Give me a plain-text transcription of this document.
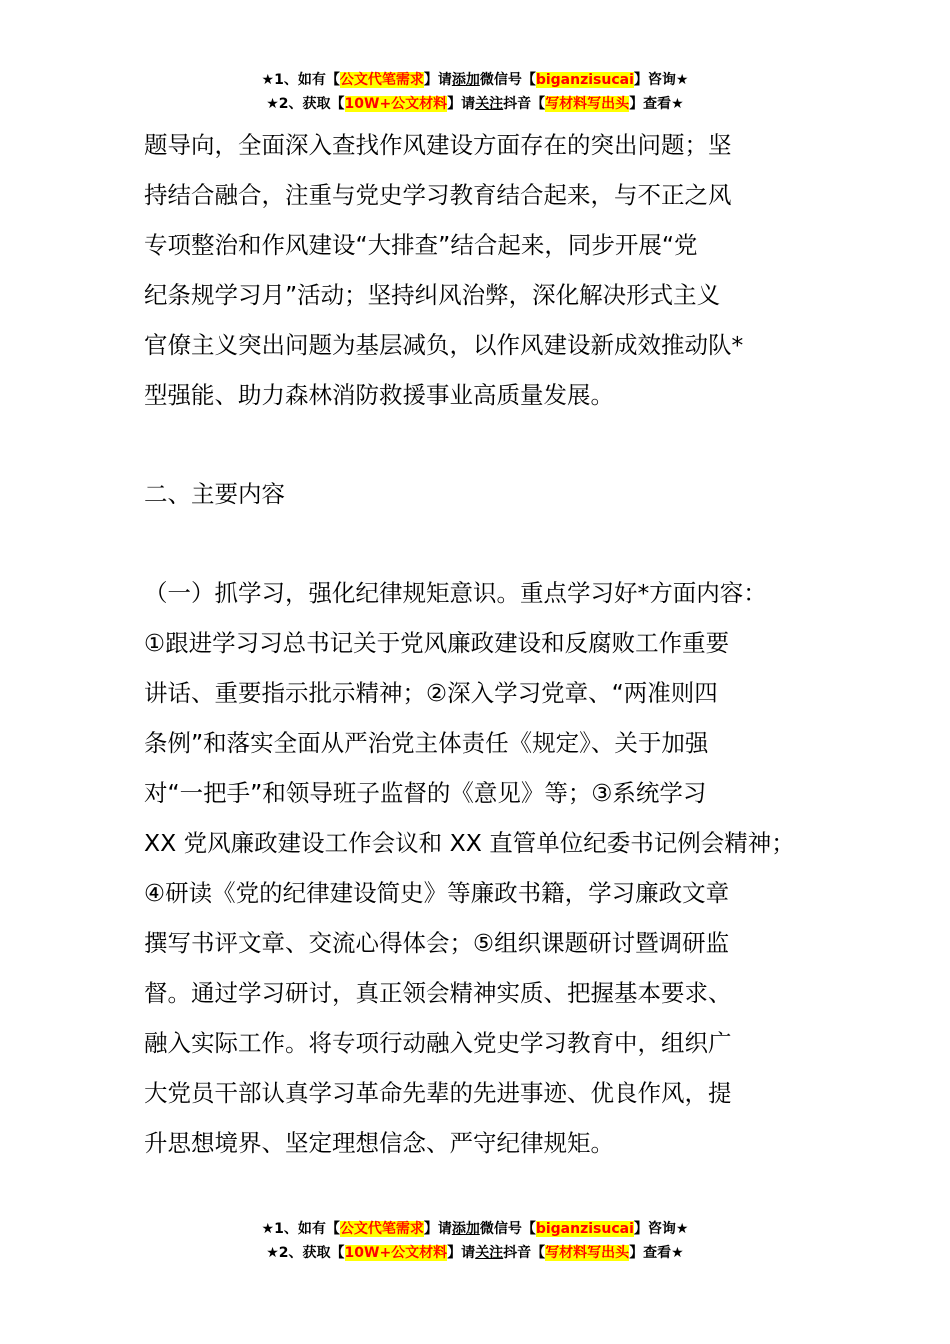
★1、如有【公文代笔需求】请添加微信号【biganzisucai】咨询★
★2、获取【10W+公文材料】请关注抖音【写材料写出头】查看★
题导向，全面深入查找作风建设方面存在的突出问题；坚
持结合融合，注重与党史学习教育结合起来，与不正之风
专项整治和作风建设“大排查”结合起来，同步开展“党
纪条规学习月”活动；坚持纠风治弊，深化解决形式主义
官僚主义突出问题为基层减负，以作风建设新成效推动队*
型强能、助力森林消防救援事业高质量发展。
二、主要内容
（一）抓学习，强化纪律规矩意识。重点学习好*方面内容：
①跟进学习习总书记关于党风廉政建设和反腐败工作重要
讲话、重要指示批示精神；②深入学习党章、“两准则四
条例”和落实全面从严治党主体责任《规定》、关于加强
对“一把手”和领导班子监督的《意见》等；③系统学习
XX 党风廉政建设工作会议和 XX 直管单位纪委书记例会精神；
④研读《党的纪律建设简史》等廉政书籍，学习廉政文章
撰写书评文章、交流心得体会；⑤组织课题研讨暨调研监
督。通过学习研讨，真正领会精神实质、把握基本要求、
融入实际工作。将专项行动融入党史学习教育中，组织广
大党员干部认真学习革命先辈的先进事迹、优良作风，提
升思想境界、坚定理想信念、严守纪律规矩。
★1、如有【公文代笔需求】请添加微信号【biganzisucai】咨询★
★2、获取【10W+公文材料】请关注抖音【写材料写出头】查看★
